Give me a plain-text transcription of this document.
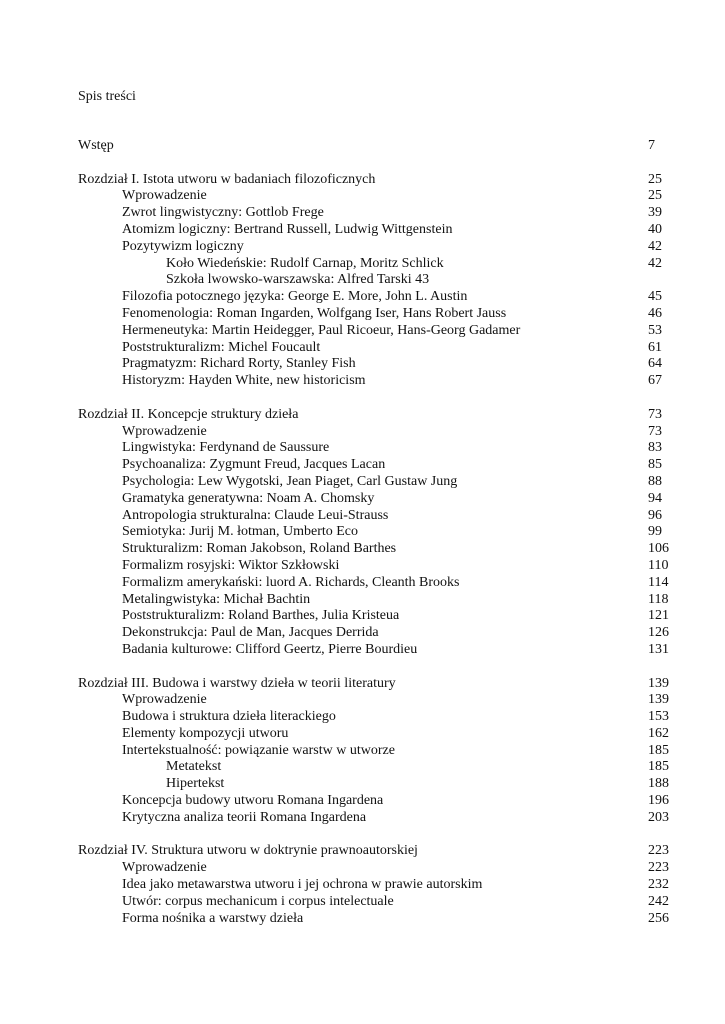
Spis treści
Wstęp	7
Rozdział I. Istota utworu w badaniach filozoficznych	25
Wprowadzenie	25
Zwrot lingwistyczny: Gottlob Frege	39
Atomizm logiczny: Bertrand Russell, Ludwig Wittgenstein	40
Pozytywizm logiczny	42
Koło Wiedeńskie: Rudolf Carnap, Moritz Schlick	42
Szkoła lwowsko-warszawska: Alfred Tarski 43
Filozofia potocznego języka: George E. More, John L. Austin	45
Fenomenologia: Roman Ingarden, Wolfgang Iser, Hans Robert Jauss	46
Hermeneutyka: Martin Heidegger, Paul Ricoeur, Hans-Georg Gadamer	53
Poststrukturalizm: Michel Foucault	61
Pragmatyzm: Richard Rorty, Stanley Fish	64
Historyzm: Hayden White, new historicism	67
Rozdział II. Koncepcje struktury dzieła	73
Wprowadzenie	73
Lingwistyka: Ferdynand de Saussure	83
Psychoanaliza: Zygmunt Freud, Jacques Lacan	85
Psychologia: Lew Wygotski, Jean Piaget, Carl Gustaw Jung	88
Gramatyka generatywna: Noam A. Chomsky	94
Antropologia strukturalna: Claude Leui-Strauss	96
Semiotyka: Jurij M. łotman, Umberto Eco	99
Strukturalizm: Roman Jakobson, Roland Barthes	106
Formalizm rosyjski: Wiktor Szkłowski	110
Formalizm amerykański: luord A. Richards, Cleanth Brooks	114
Metalingwistyka: Michał Bachtin	118
Poststrukturalizm: Roland Barthes, Julia Kristeua	121
Dekonstrukcja: Paul de Man, Jacques Derrida	126
Badania kulturowe: Clifford Geertz, Pierre Bourdieu	131
Rozdział III. Budowa i warstwy dzieła w teorii literatury	139
Wprowadzenie	139
Budowa i struktura dzieła literackiego	153
Elementy kompozycji utworu	162
Intertekstualność: powiązanie warstw w utworze	185
Metatekst	185
Hipertekst	188
Koncepcja budowy utworu Romana Ingardena	196
Krytyczna analiza teorii Romana Ingardena	203
Rozdział IV. Struktura utworu w doktrynie prawnoautorskiej	223
Wprowadzenie	223
Idea jako metawarstwa utworu i jej ochrona w prawie autorskim	232
Utwór: corpus mechanicum i corpus intelectuale	242
Forma nośnika a warstwy dzieła	256
